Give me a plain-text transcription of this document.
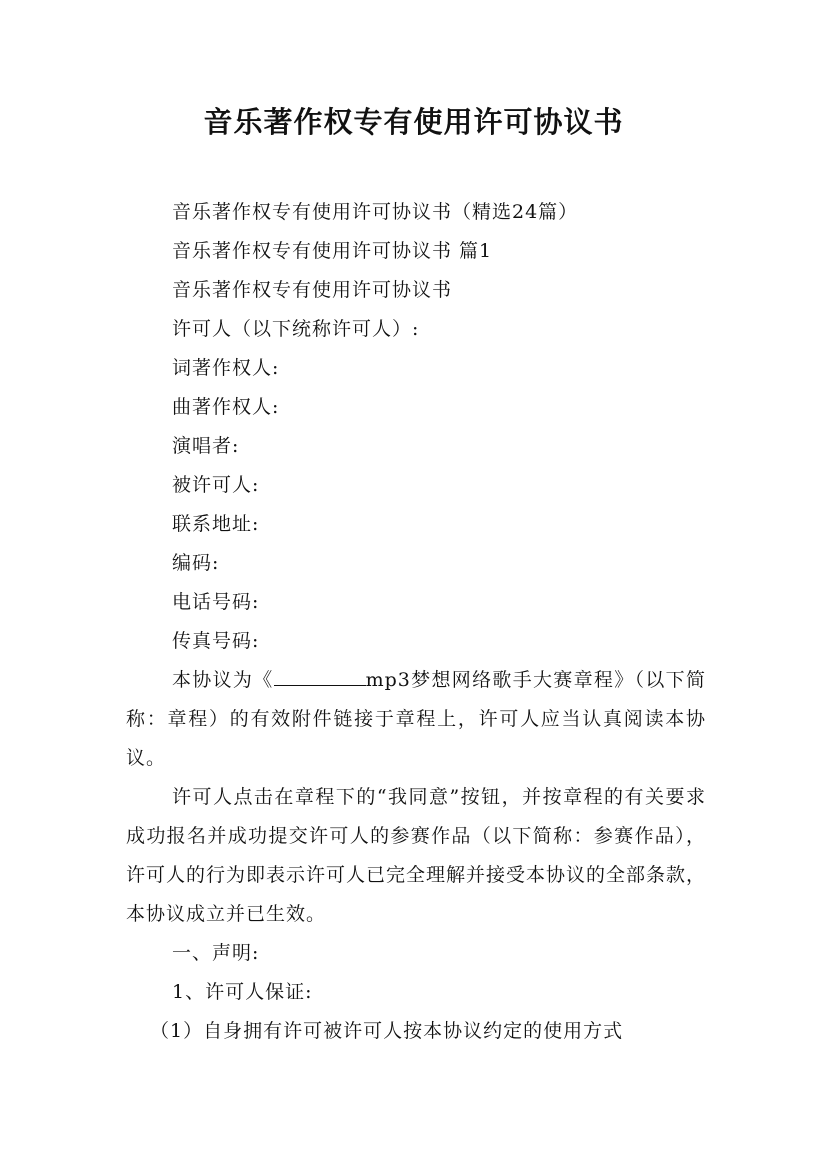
音乐著作权专有使用许可协议书

音乐著作权专有使用许可协议书（精选24篇）

音乐著作权专有使用许可协议书 篇1

音乐著作权专有使用许可协议书

许可人（以下统称许可人）:

词著作权人:

曲著作权人:

演唱者:

被许可人:

联系地址:

编码:

电话号码:

传真号码:

本协议为《	mp3梦想网络歌手大赛章程》（以下简称：章程）的有效附件链接于章程上，许可人应当认真阅读本协议。

许可人点击在章程下的“我同意”按钮，并按章程的有关要求成功报名并成功提交许可人的参赛作品（以下简称：参赛作品），许可人的行为即表示许可人已完全理解并接受本协议的全部条款，本协议成立并已生效。

一、声明:

1、许可人保证:

（1）自身拥有许可被许可人按本协议约定的使用方式
